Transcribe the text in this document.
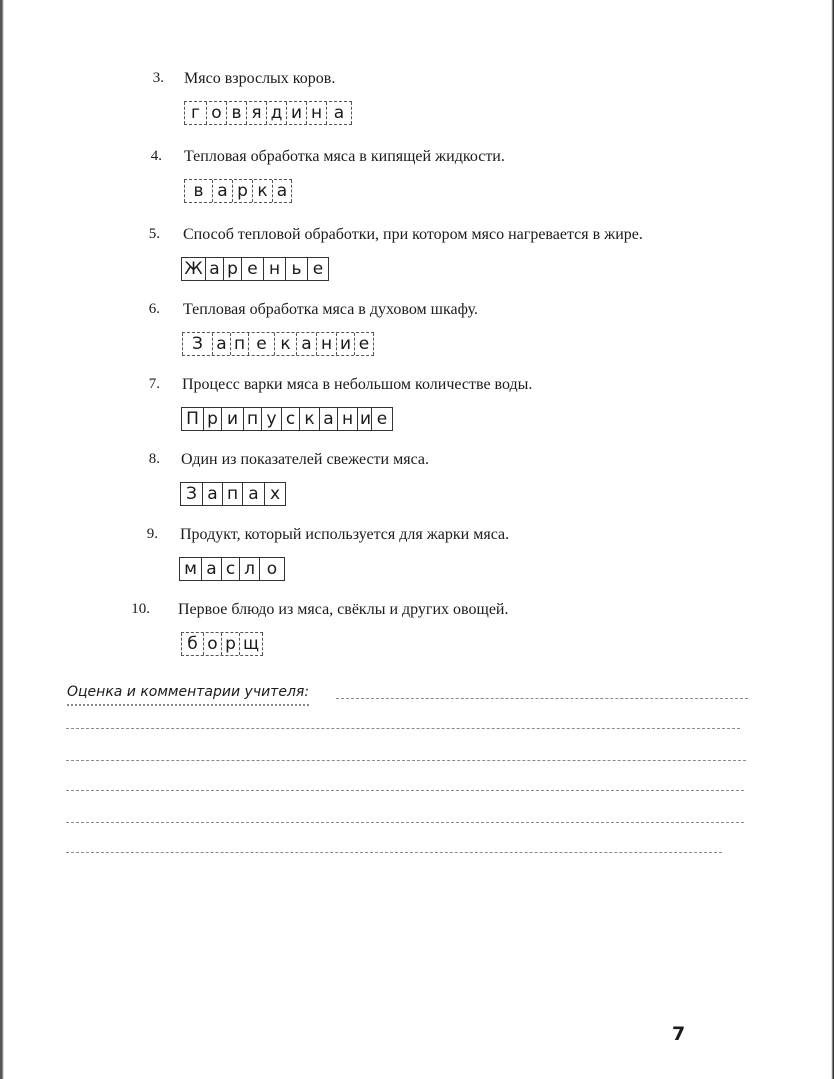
3. Мясо взрослых коров.
г о в я д и н а
4. Тепловая обработка мяса в кипящей жидкости.
в а р к а
5. Способ тепловой обработки, при котором мясо нагревается в жире.
Ж а р е н ь е
6. Тепловая обработка мяса в духовом шкафу.
З а п е к а н и е
7. Процесс варки мяса в небольшом количестве воды.
П р и п у с к а н и е
8. Один из показателей свежести мяса.
З а п а х
9. Продукт, который используется для жарки мяса.
м а с л о
10. Первое блюдо из мяса, свёклы и других овощей.
б о р щ
Оценка и комментарии учителя:
7
